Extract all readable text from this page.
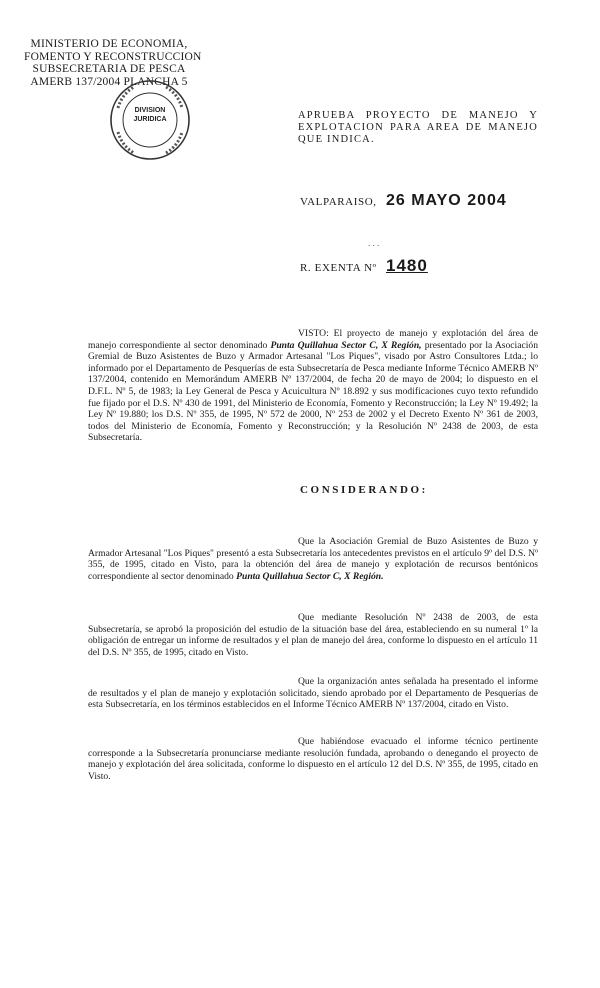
MINISTERIO DE ECONOMIA,
FOMENTO Y RECONSTRUCCION
SUBSECRETARIA DE PESCA
AMERB 137/2004 PLANCHA 5
DIVISION
JURIDICA	APRUEBA PROYECTO DE MANEJO Y EXPLOTACION PARA AREA DE MANEJO QUE INDICA.
VALPARAISO, 26 MAYO 2004
. . .
R. EXENTA Nº 1480
VISTO: El proyecto de manejo y explotación del área de manejo correspondiente al sector denominado Punta Quillahua Sector C, X Región, presentado por la Asociación Gremial de Buzo Asistentes de Buzo y Armador Artesanal "Los Piques", visado por Astro Consultores Ltda.; lo informado por el Departamento de Pesquerías de esta Subsecretaría de Pesca mediante Informe Técnico AMERB Nº 137/2004, contenido en Memorándum AMERB Nº 137/2004, de fecha 20 de mayo de 2004; lo dispuesto en el D.F.L. Nº 5, de 1983; la Ley General de Pesca y Acuicultura Nº 18.892 y sus modificaciones cuyo texto refundido fue fijado por el D.S. Nº 430 de 1991, del Ministerio de Economía, Fomento y Reconstrucción; la Ley Nº 19.492; la Ley Nº 19.880; los D.S. Nº 355, de 1995, Nº 572 de 2000, Nº 253 de 2002 y el Decreto Exento Nº 361 de 2003, todos del Ministerio de Economía, Fomento y Reconstrucción; y la Resolución Nº 2438 de 2003, de esta Subsecretaría.
CONSIDERANDO:
Que la Asociación Gremial de Buzo Asistentes de Buzo y Armador Artesanal "Los Piques" presentó a esta Subsecretaría los antecedentes previstos en el artículo 9º del D.S. Nº 355, de 1995, citado en Visto, para la obtención del área de manejo y explotación de recursos bentónicos correspondiente al sector denominado Punta Quillahua Sector C, X Región.
Que mediante Resolución Nº 2438 de 2003, de esta Subsecretaría, se aprobó la proposición del estudio de la situación base del área, estableciendo en su numeral 1º la obligación de entregar un informe de resultados y el plan de manejo del área, conforme lo dispuesto en el artículo 11 del D.S. Nº 355, de 1995, citado en Visto.
Que la organización antes señalada ha presentado el informe de resultados y el plan de manejo y explotación solicitado, siendo aprobado por el Departamento de Pesquerías de esta Subsecretaría, en los términos establecidos en el Informe Técnico AMERB Nº 137/2004, citado en Visto.
Que habiéndose evacuado el informe técnico pertinente corresponde a la Subsecretaría pronunciarse mediante resolución fundada, aprobando o denegando el proyecto de manejo y explotación del área solicitada, conforme lo dispuesto en el artículo 12 del D.S. Nº 355, de 1995, citado en Visto.
